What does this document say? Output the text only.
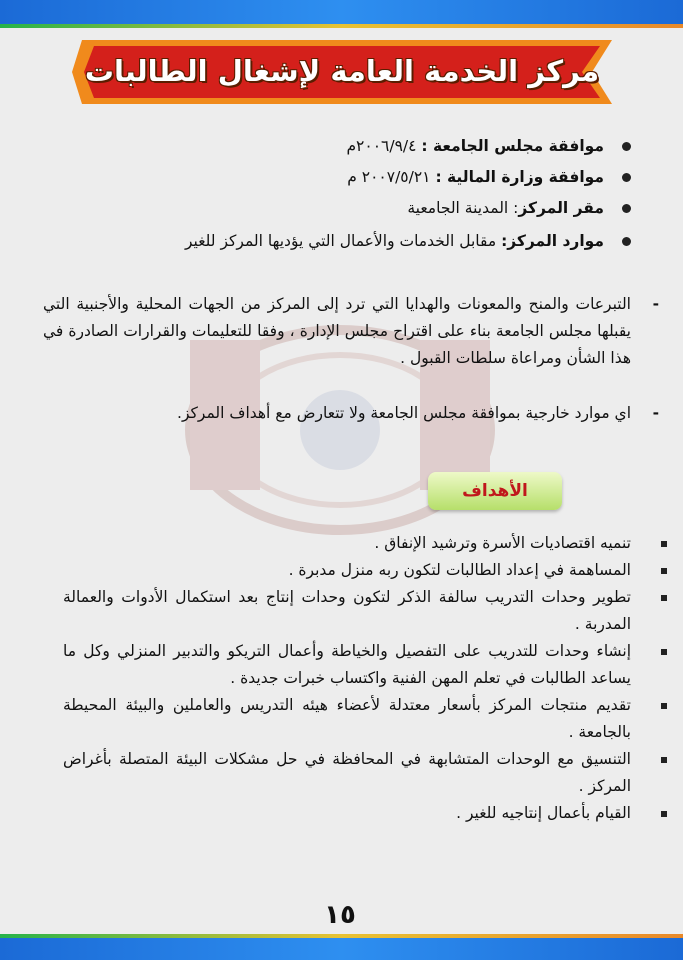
مركز الخدمة العامة لإشغال الطالبات
موافقة مجلس الجامعة : ٢٠٠٦/٩/٤م
موافقة وزارة المالية : ٢٠٠٧/٥/٢١ م
مقر المركز: المدينة الجامعية
موارد المركز: مقابل الخدمات والأعمال التي يؤديها المركز للغير
-
التبرعات والمنح والمعونات والهدايا التي ترد إلى المركز من الجهات المحلية والأجنبية التي يقبلها مجلس الجامعة بناء على اقتراح مجلس الإدارة ، وفقا للتعليمات والقرارات الصادرة في هذا الشأن ومراعاة سلطات القبول .
-
اي موارد خارجية بموافقة مجلس الجامعة ولا تتعارض مع أهداف المركز.
الأهداف
تنميه اقتصاديات الأسرة وترشيد الإنفاق .
المساهمة في إعداد الطالبات لتكون ربه منزل مدبرة .
تطوير وحدات التدريب سالفة الذكر لتكون وحدات إنتاج بعد استكمال الأدوات والعمالة المدربة .
إنشاء وحدات للتدريب على التفصيل والخياطة وأعمال التريكو والتدبير المنزلي وكل ما يساعد الطالبات في تعلم المهن الفنية واكتساب خبرات جديدة .
تقديم منتجات المركز بأسعار معتدلة لأعضاء هيئه التدريس والعاملين والبيئة المحيطة بالجامعة .
التنسيق مع الوحدات المتشابهة في المحافظة في حل مشكلات البيئة المتصلة بأغراض المركز .
القيام بأعمال إنتاجيه للغير .
١٥
